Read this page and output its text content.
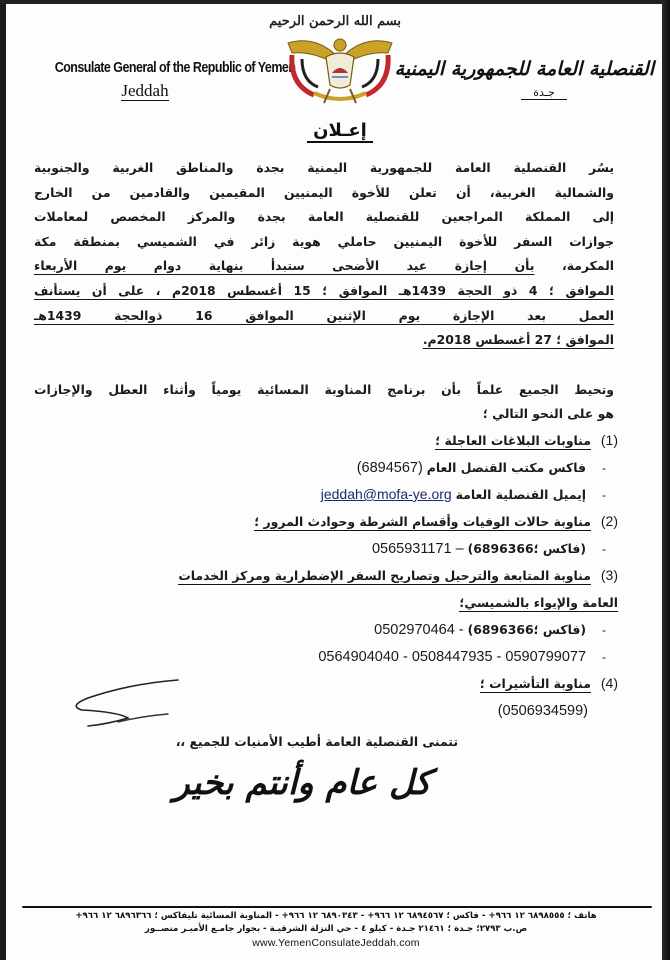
Consulate General of the Republic of Yemen
Jeddah
بسم الله الرحمن الرحيم
إعـلان
القنصلية العامة للجمهورية اليمنية
جـدة
يسُر القنصلية العامة للجمهورية اليمنية بجدة والمناطق الغربية والجنوبية
والشمالية الغربية، أن تعلن للأخوة اليمنيين المقيمين والقادمين من الخارج
إلى المملكة المراجعين للقنصلية العامة بجدة والمركز المخصص لمعاملات
جوازات السفر للأخوة اليمنيين حاملي هوية زائر في الشميسي بمنطقة مكة
المكرمة، بأن إجازة عيد الأضحى ستبدأ بنهاية دوام يوم الأربعاء
الموافق ؛ 4 ذو الحجة 1439هـ الموافق ؛ 15 أغسطس 2018م ، على أن يستأنف
العمل بعد الإجازة يوم الإثنين الموافق 16 ذوالحجة 1439هـ
الموافق ؛ 27 أغسطس 2018م.
وتحيط الجميع علماً بأن برنامج المناوبة المسائية يومياً وأثناء العطل والإجازات
هو على النحو التالي ؛
(1) مناوبات البلاغات العاجلة ؛
- فاكس مكتب القنصل العام (6894567)
- إيميل القنصلية العامة jeddah@mofa-ye.org
(2) مناوبة حالات الوفيات وأقسام الشرطة وحوادث المرور ؛
- (فاكس ؛6896366) 0565931171 –
(3) مناوبة المتابعة والترحيل وتصاريح السفر الإضطرارية ومركز الخدمات
العامة والإيواء بالشميسي؛
- (فاكس ؛6896366) 0502970464 -
- 0564904040 - 0508447935 - 0590799077
(4) مناوبة التأشيرات ؛
(0506934599)
تتمنى القنصلية العامة أطيب الأمنيات للجميع ،،
كل عام وأنتم بخير
هاتف ؛ ٦٨٩٨٥٥٥ ١٢ ٩٦٦+ - فاكس ؛ ٦٨٩٤٥٦٧ ١٢ ٩٦٦+ - ٦٨٩٠٣٤٣ ١٢ ٩٦٦+ - المناوبة المسائية تليفاكس ؛ ٦٨٩٦٣٦٦ ١٢ ٩٦٦+
ص.ب ٢٧٩٣؛ جـدة ؛ ٢١٤٦١ جـدة - كيلو ٤ - حي النزلة الشرقيـة - بجوار جامـع الأميـر منصــور
www.YemenConsulateJeddah.com
